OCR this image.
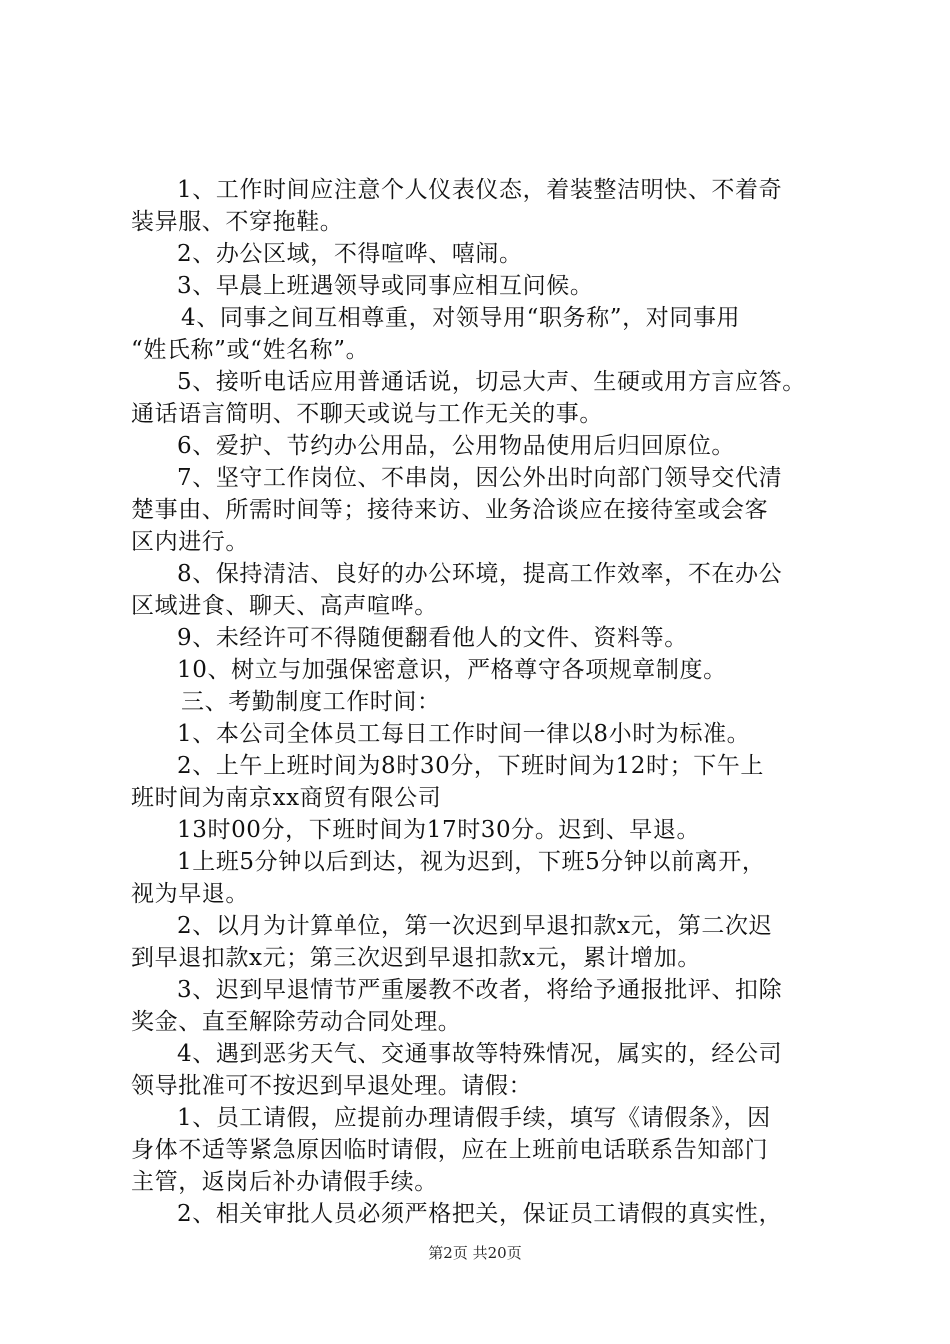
1、工作时间应注意个人仪表仪态，着装整洁明快、不着奇
装异服、不穿拖鞋。
2、办公区域，不得喧哗、嘻闹。
3、早晨上班遇领导或同事应相互问候。
4、同事之间互相尊重，对领导用“职务称”，对同事用
“姓氏称”或“姓名称”。
5、接听电话应用普通话说，切忌大声、生硬或用方言应答。
通话语言简明、不聊天或说与工作无关的事。
6、爱护、节约办公用品，公用物品使用后归回原位。
7、坚守工作岗位、不串岗，因公外出时向部门领导交代清
楚事由、所需时间等；接待来访、业务洽谈应在接待室或会客
区内进行。
8、保持清洁、良好的办公环境，提高工作效率，不在办公
区域进食、聊天、高声喧哗。
9、未经许可不得随便翻看他人的文件、资料等。
10、树立与加强保密意识，严格尊守各项规章制度。
三、考勤制度工作时间：
1、本公司全体员工每日工作时间一律以8小时为标准。
2、上午上班时间为8时30分，下班时间为12时；下午上
班时间为南京xx商贸有限公司
13时00分，下班时间为17时30分。迟到、早退。
1上班5分钟以后到达，视为迟到，下班5分钟以前离开，
视为早退。
2、以月为计算单位，第一次迟到早退扣款x元，第二次迟
到早退扣款x元；第三次迟到早退扣款x元，累计增加。
3、迟到早退情节严重屡教不改者，将给予通报批评、扣除
奖金、直至解除劳动合同处理。
4、遇到恶劣天气、交通事故等特殊情况，属实的，经公司
领导批准可不按迟到早退处理。请假：
1、员工请假，应提前办理请假手续，填写《请假条》，因
身体不适等紧急原因临时请假，应在上班前电话联系告知部门
主管，返岗后补办请假手续。
2、相关审批人员必须严格把关，保证员工请假的真实性，
第2页 共20页
